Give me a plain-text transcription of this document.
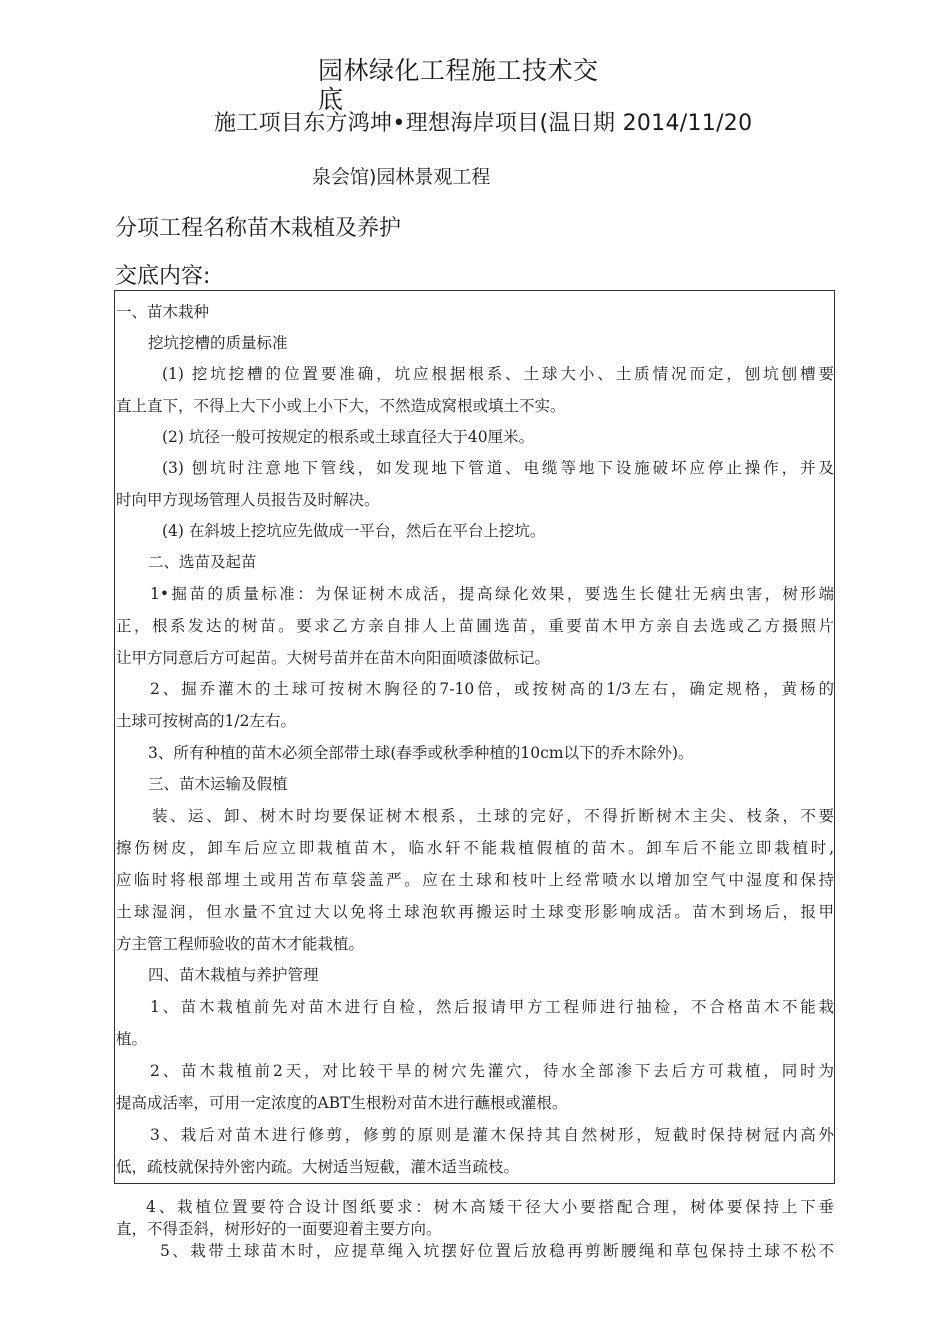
园林绿化工程施工技术交底
施工项目东方鸿坤•理想海岸项目(温日期 2014/11/20
泉会馆)园林景观工程
分项工程名称苗木栽植及养护
交底内容:
一、苗木栽种
挖坑挖槽的质量标准
(1) 挖坑挖槽的位置要准确，坑应根据根系、土球大小、土质情况而定，刨坑刨槽要
直上直下，不得上大下小或上小下大，不然造成窝根或填土不实。
(2) 坑径一般可按规定的根系或土球直径大于40厘米。
(3) 刨坑时注意地下管线，如发现地下管道、电缆等地下设施破坏应停止操作，并及
时向甲方现场管理人员报告及时解决。
(4) 在斜坡上挖坑应先做成一平台，然后在平台上挖坑。
二、选苗及起苗
1•掘苗的质量标准：为保证树木成活，提高绿化效果，要选生长健壮无病虫害，树形端
正，根系发达的树苗。要求乙方亲自排人上苗圃选苗，重要苗木甲方亲自去选或乙方摄照片
让甲方同意后方可起苗。大树号苗并在苗木向阳面喷漆做标记。
2、掘乔灌木的土球可按树木胸径的7-10倍，或按树高的1/3左右，确定规格，黄杨的
土球可按树高的1/2左右。
3、所有种植的苗木必须全部带土球(春季或秋季种植的10cm以下的乔木除外)。
三、苗木运输及假植
装、运、卸、树木时均要保证树木根系，土球的完好，不得折断树木主尖、枝条，不要
擦伤树皮，卸车后应立即栽植苗木，临水轩不能栽植假植的苗木。卸车后不能立即栽植时,
应临时将根部埋土或用苫布草袋盖严。应在土球和枝叶上经常喷水以增加空气中湿度和保持
土球湿润，但水量不宜过大以免将土球泡软再搬运时土球变形影响成活。苗木到场后，报甲
方主管工程师验收的苗木才能栽植。
四、苗木栽植与养护管理
1、苗木栽植前先对苗木进行自检，然后报请甲方工程师进行抽检，不合格苗木不能栽
植。
2、苗木栽植前2天，对比较干旱的树穴先灌穴，待水全部渗下去后方可栽植，同时为
提高成活率，可用一定浓度的ABT生根粉对苗木进行蘸根或灌根。
3、栽后对苗木进行修剪，修剪的原则是灌木保持其自然树形，短截时保持树冠内高外
低，疏枝就保持外密内疏。大树适当短截，灌木适当疏枝。
4、栽植位置要符合设计图纸要求：树木高矮干径大小要搭配合理，树体要保持上下垂
直，不得歪斜，树形好的一面要迎着主要方向。
5、栽带土球苗木时，应提草绳入坑摆好位置后放稳再剪断腰绳和草包保持土球不松不
